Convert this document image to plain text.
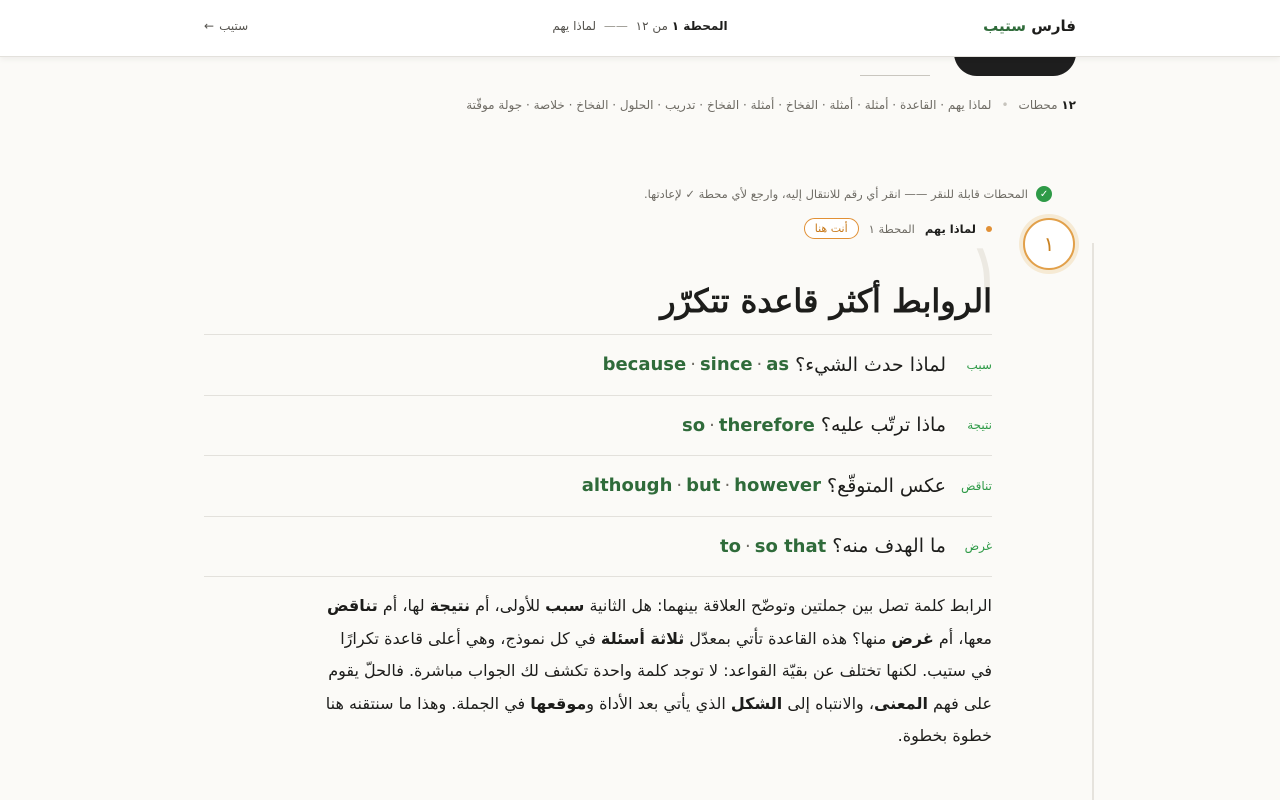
فارس ستيب
المحطة ١ من ١٢ —— لماذا يهم
ستيب
←
١٢ محطات
•
لماذا يهم · القاعدة · أمثلة · أمثلة · الفخاخ · أمثلة · الفخاخ · تدريب · الحلول · الفخاخ · خلاصة · جولة موقّتة
✓
المحطات قابلة للنقر —— انقر أي رقم للانتقال إليه، وارجع لأي محطة ✓ لإعادتها.
١
لماذا يهم
المحطة ١
أنت هنا
١
الروابط أكثر قاعدة تتكرّر
سبب
لماذا حدث الشيء؟
because · since · as
نتيجة
ماذا ترتّب عليه؟
so · therefore
تناقض
عكس المتوقّع؟
although · but · however
غرض
ما الهدف منه؟
to · so that

الرابط كلمة تصل بين جملتين وتوضّح العلاقة بينهما: هل الثانية سبب للأولى، أم نتيجة لها، أم تناقض معها، أم غرض منها؟ هذه القاعدة تأتي بمعدّل ثلاثة أسئلة في كل نموذج، وهي أعلى قاعدة تكرارًا في ستيب. لكنها تختلف عن بقيّة القواعد: لا توجد كلمة واحدة تكشف لك الجواب مباشرة. فالحلّ يقوم على فهم المعنى، والانتباه إلى الشكل الذي يأتي بعد الأداة وموقعها في الجملة. وهذا ما سنتقنه هنا خطوة بخطوة.
